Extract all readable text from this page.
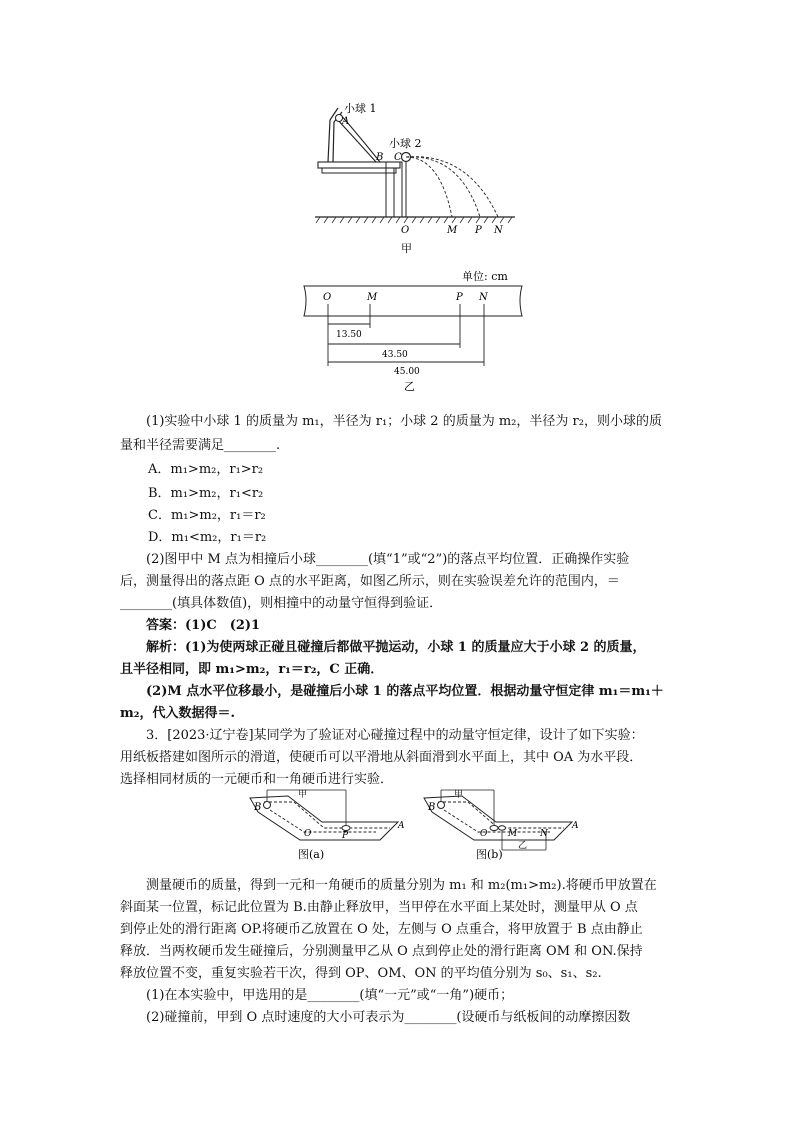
小球 1
A
小球 2
B C
O	M P N
甲
单位: cm
O	M	P N
13.50
43.50
45.00
乙
(1)实验中小球 1 的质量为 m₁，半径为 r₁；小球 2 的质量为 m₂，半径为 r₂，则小球的质
量和半径需要满足________.
A．m₁>m₂，r₁>r₂
B．m₁>m₂，r₁<r₂
C．m₁>m₂，r₁＝r₂
D．m₁<m₂，r₁＝r₂
(2)图甲中 M 点为相撞后小球________(填“1”或“2”)的落点平均位置．正确操作实验
后，测量得出的落点距 O 点的水平距离，如图乙所示，则在实验误差允许的范围内，＝
________(填具体数值)，则相撞中的动量守恒得到验证．
答案：(1)C　(2)1
解析：(1)为使两球正碰且碰撞后都做平抛运动，小球 1 的质量应大于小球 2 的质量，
且半径相同，即 m₁>m₂，r₁＝r₂，C 正确．
(2)M 点水平位移最小，是碰撞后小球 1 的落点平均位置．根据动量守恒定律 m₁＝m₁＋
m₂，代入数据得＝.
3．[2023·辽宁卷]某同学为了验证对心碰撞过程中的动量守恒定律，设计了如下实验：
用纸板搭建如图所示的滑道，使硬币可以平滑地从斜面滑到水平面上，其中 OA 为水平段．
选择相同材质的一元硬币和一角硬币进行实验．
甲
B
O	P
A
图(a)
甲
乙
B
O M	N
A
图(b)
测量硬币的质量，得到一元和一角硬币的质量分别为 m₁ 和 m₂(m₁>m₂).将硬币甲放置在
斜面某一位置，标记此位置为 B.由静止释放甲，当甲停在水平面上某处时，测量甲从 O 点
到停止处的滑行距离 OP.将硬币乙放置在 O 处，左侧与 O 点重合，将甲放置于 B 点由静止
释放．当两枚硬币发生碰撞后，分别测量甲乙从 O 点到停止处的滑行距离 OM 和 ON.保持
释放位置不变，重复实验若干次，得到 OP、OM、ON 的平均值分别为 s₀、s₁、s₂.
(1)在本实验中，甲选用的是________(填“一元”或“一角”)硬币；
(2)碰撞前，甲到 O 点时速度的大小可表示为________(设硬币与纸板间的动摩擦因数
